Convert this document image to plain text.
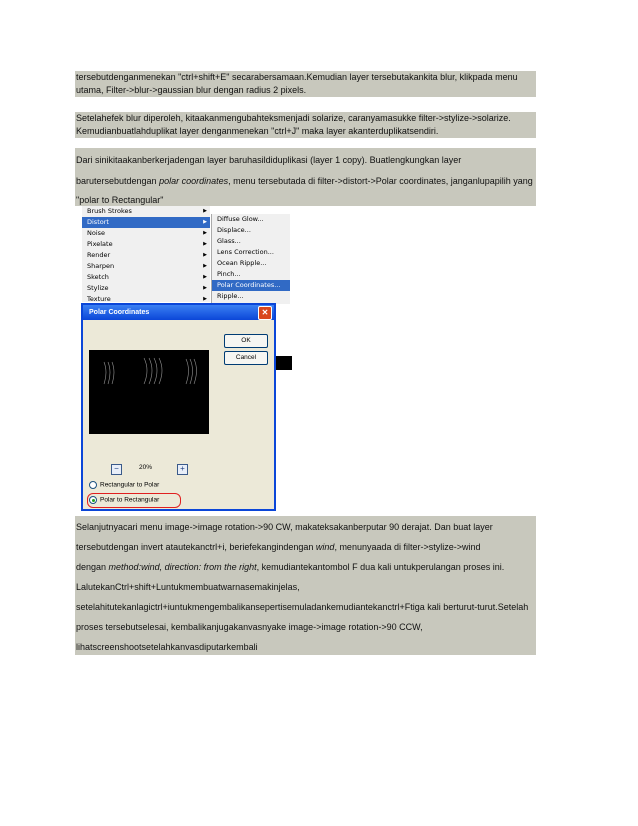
tersebutdenganmenekan "ctrl+shift+E" secarabersamaan.Kemudian layer tersebutakankita blur, klikpada menu
utama, Filter->blur->gaussian blur dengan radius 2 pixels.
Setelahefek blur diperoleh, kitaakanmengubahteksmenjadi solarize, caranyamasukke filter->stylize->solarize.
Kemudianbuatlahduplikat layer denganmenekan "ctrl+J" maka layer akanterduplikatsendiri.

Dari sinikitaakanberkerjadengan layer baruhasildiduplikasi (layer 1 copy). Buatlengkungkan layer

barutersebutdengan polar coordinates, menu tersebutada di filter->distort->Polar coordinates, janganlupapilih yang

"polar to Rectangular"

Brush Strokes	▶
Distort	▶
Noise	▶
Pixelate	▶
Render	▶
Sharpen	▶
Sketch	▶
Stylize	▶
Texture	▶
Diffuse Glow...
Displace...
Glass...
Lens Correction...
Ocean Ripple...
Pinch...
Polar Coordinates...
Ripple...
Polar Coordinates	✕
OK
Cancel
−	20%	+
Rectangular to Polar
Polar to Rectangular

Selanjutnyacari menu image->image rotation->90 CW, makateksakanberputar 90 derajat. Dan buat layer

tersebutdengan invert atautekanctrl+i, beriefekangindengan wind, menunyaada di filter->stylize->wind

dengan method:wind, direction: from the right, kemudiantekantombol F dua kali untukperulangan proses ini.

LalutekanCtrl+shift+Luntukmembuatwarnasemakinjelas,

setelahitutekanlagictrl+iuntukmengembalikansepertisemuladankemudiantekanctrl+Ftiga kali berturut-turut.Setelah

proses tersebutselesai, kembalikanjugakanvasnyake image->image rotation->90 CCW,

lihatscreenshootsetelahkanvasdiputarkembali
